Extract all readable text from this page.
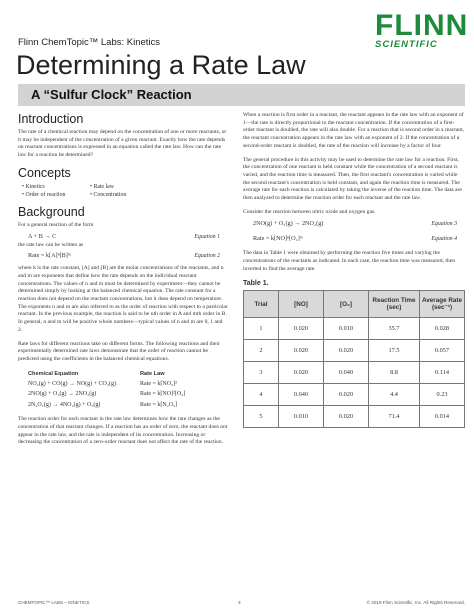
FLINN
SCIENTIFIC
Flinn ChemTopic™ Labs: Kinetics
Determining a Rate Law
A “Sulfur Clock” Reaction
Introduction

The rate of a chemical reaction may depend on the concentration of one or more reactants, or it may be independent of the concentration of a given reactant. Exactly how the rate depends on reactant concentrations is expressed in an equation called the rate law. How can the rate law for a reaction be determined?

Concepts
• Kinetics	• Rate law
• Order of reaction	• Concentration
Background

For a general reaction of the form

A + B → C	Equation 1

the rate law can be written as

Rate = k[A]ⁿ[B]ᵐ	Equation 2

where k is the rate constant, [A] and [B] are the molar concentrations of the reactants, and n and m are exponents that define how the rate depends on the individual reactant concentrations. The values of n and m must be determined by experiment—they cannot be determined simply by looking at the balanced chemical equation. The rate constant for a reaction does not depend on the reactant concentrations, but it does depend on temperature. The exponents n and m are also referred to as the order of reaction with respect to a particular reactant. In the previous example, the reaction is said to be nth order in A and mth order in B. In general, n and m will be positive whole numbers—typical values of n and m are 0, 1 and 2.

Rate laws for different reactions take on different forms. The following reactions and their experimentally determined rate laws demonstrate that the order of reaction cannot be predicted using the coefficients in the balanced chemical equations.

Chemical Equation	Rate Law
NO₂(g) + CO(g) → NO(g) + CO₂(g)	Rate = k[NO₂]²
2NO(g) + O₂(g) → 2NO₂(g)	Rate = k[NO]²[O₂]
2N₂O₅(g) → 4NO₂(g) + O₂(g)	Rate = k[N₂O₅]

The reaction order for each reactant in the rate law determines how the rate changes as the concentration of that reactant changes. If a reaction has an order of zero, the reactant does not appear in the rate law, and the rate is independent of its concentration. Increasing or decreasing the concentration of a zero-order reactant does not affect the rate of the reaction.

When a reaction is first order in a reactant, the reactant appears in the rate law with an exponent of 1—the rate is directly proportional to the reactant concentration. If the concentration of a first-order reactant is doubled, the rate will also double. For a reaction that is second order in a reactant, the reactant concentration appears in the rate law with an exponent of 2. If the concentration of a second-order reactant is doubled, the rate of the reaction will increase by a factor of four.

The general procedure in this activity may be used to determine the rate law for a reaction. First, the concentration of one reactant is held constant while the concentration of a second reactant is varied, and the reaction time is measured. Then, the first reactant's concentration is varied while the second reactant's concentration is held constant, and again the reaction time is measured. The average rate for each reaction is calculated by taking the inverse of the reaction time. The data are then analyzed to determine the reaction order for each reactant and the rate law.

Consider the reaction between nitric oxide and oxygen gas.

2NO(g) + O₂(g) → 2NO₂(g)	Equation 3
Rate = k[NO]ⁿ[O₂]ᵐ	Equation 4

The data in Table 1 were obtained by performing the reaction five times and varying the concentrations of the reactants as indicated. In each case, the reaction time was measured, then inverted to find the average rate.

Table 1.
Trial	[NO]	[O₂]	Reaction Time (sec)	Average Rate (sec⁻¹)
1	0.020	0.010	35.7	0.028
2	0.020	0.020	17.5	0.057
3	0.020	0.040	8.8	0.114
4	0.040	0.020	4.4	0.23
5	0.010	0.020	71.4	0.014
CHEMTOPIC™ LABS – KINETICS	3	© 2016 Flinn Scientific, Inc. All Rights Reserved.
